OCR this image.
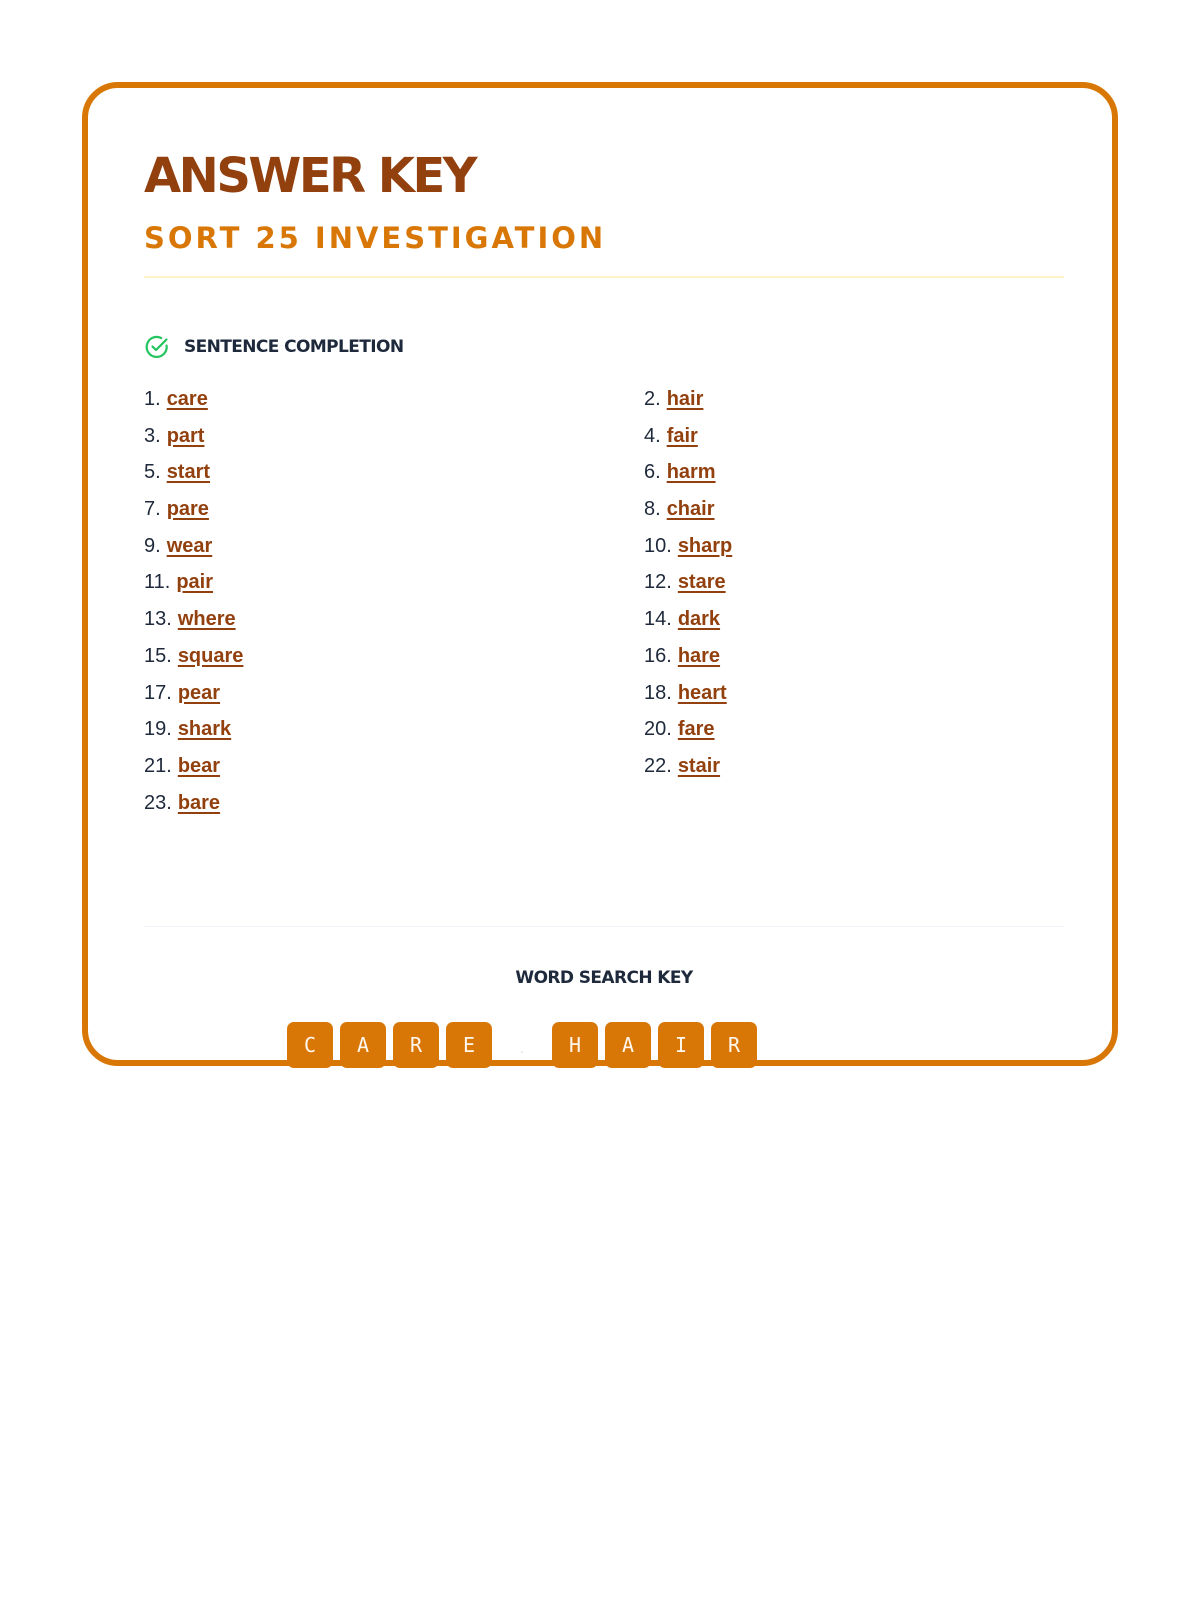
ANSWER KEY
SORT 25 INVESTIGATION
SENTENCE COMPLETION
1. care	2. hair
3. part	4. fair
5. start	6. harm
7. pare	8. chair
9. wear	10. sharp
11. pair	12. stare
13. where	14. dark
15. square	16. hare
17. pear	18. heart
19. shark	20. fare
21. bear	22. stair
23. bare
WORD SEARCH KEY
C	A	R	E	.	H	A	I	R
